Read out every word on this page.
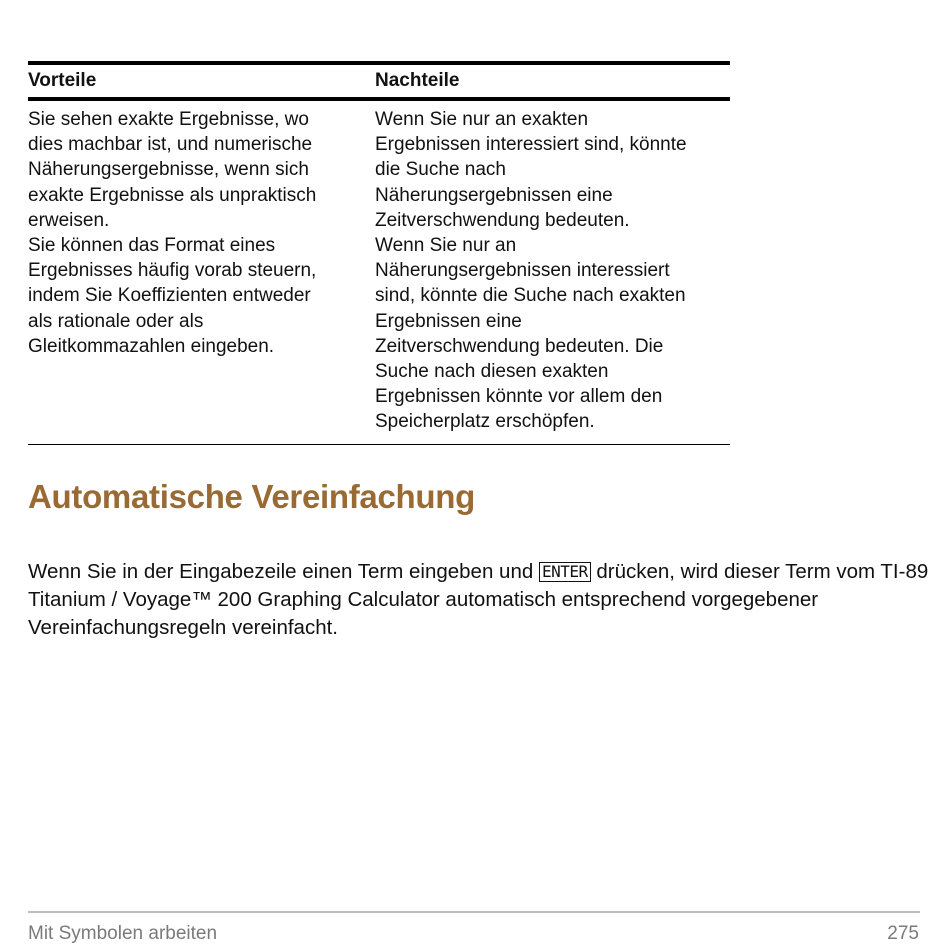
Vorteile	Nachteile

Sie sehen exakte Ergebnisse, wo

dies machbar ist, und numerische

Näherungsergebnisse, wenn sich

exakte Ergebnisse als unpraktisch

erweisen.

Sie können das Format eines

Ergebnisses häufig vorab steuern,

indem Sie Koeffizienten entweder

als rationale oder als

Gleitkommazahlen eingeben.

Wenn Sie nur an exakten

Ergebnissen interessiert sind, könnte

die Suche nach

Näherungsergebnissen eine

Zeitverschwendung bedeuten.

Wenn Sie nur an

Näherungsergebnissen interessiert

sind, könnte die Suche nach exakten

Ergebnissen eine

Zeitverschwendung bedeuten. Die

Suche nach diesen exakten

Ergebnissen könnte vor allem den

Speicherplatz erschöpfen.

Automatische Vereinfachung

Wenn Sie in der Eingabezeile einen Term eingeben und ENTER drücken, wird dieser Term vom TI-89 Titanium / Voyage™ 200 Graphing Calculator automatisch entsprechend vorgegebener Vereinfachungsregeln vereinfacht.

Mit Symbolen arbeiten	275
